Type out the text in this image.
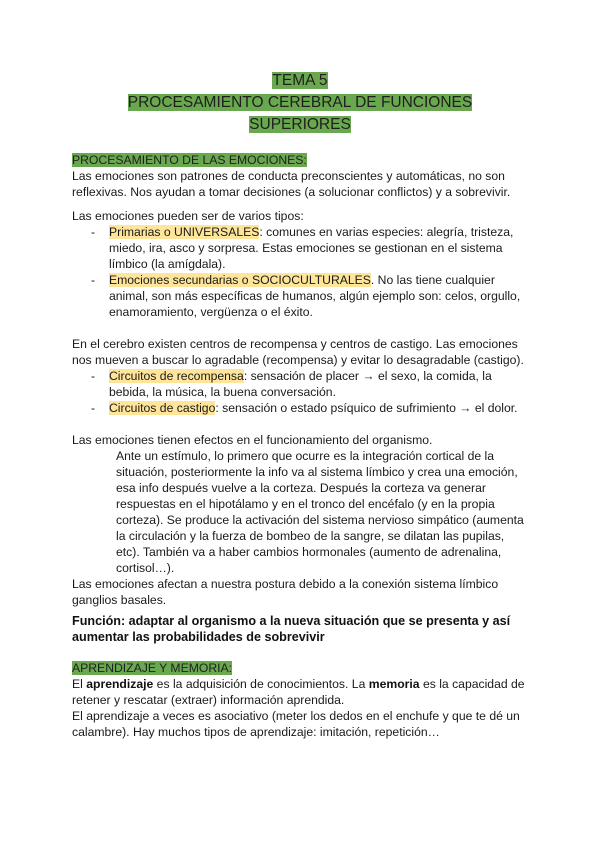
TEMA 5
PROCESAMIENTO CEREBRAL DE FUNCIONES
SUPERIORES
PROCESAMIENTO DE LAS EMOCIONES:
Las emociones son patrones de conducta preconscientes y automáticas, no son
reflexivas. Nos ayudan a tomar decisiones (a solucionar conflictos) y a sobrevivir.
Las emociones pueden ser de varios tipos:
- Primarias o UNIVERSALES: comunes en varias especies: alegría, tristeza,
miedo, ira, asco y sorpresa. Estas emociones se gestionan en el sistema
límbico (la amígdala).
- Emociones secundarias o SOCIOCULTURALES. No las tiene cualquier
animal, son más específicas de humanos, algún ejemplo son: celos, orgullo,
enamoramiento, vergüenza o el éxito.
En el cerebro existen centros de recompensa y centros de castigo. Las emociones
nos mueven a buscar lo agradable (recompensa) y evitar lo desagradable (castigo).
- Circuitos de recompensa: sensación de placer → el sexo, la comida, la
bebida, la música, la buena conversación.
- Circuitos de castigo: sensación o estado psíquico de sufrimiento → el dolor.
Las emociones tienen efectos en el funcionamiento del organismo.
Ante un estímulo, lo primero que ocurre es la integración cortical de la
situación, posteriormente la info va al sistema límbico y crea una emoción,
esa info después vuelve a la corteza. Después la corteza va generar
respuestas en el hipotálamo y en el tronco del encéfalo (y en la propia
corteza). Se produce la activación del sistema nervioso simpático (aumenta
la circulación y la fuerza de bombeo de la sangre, se dilatan las pupilas,
etc). También va a haber cambios hormonales (aumento de adrenalina,
cortisol…).
Las emociones afectan a nuestra postura debido a la conexión sistema límbico
ganglios basales.
Función: adaptar al organismo a la nueva situación que se presenta y así
aumentar las probabilidades de sobrevivir
APRENDIZAJE Y MEMORIA:
El aprendizaje es la adquisición de conocimientos. La memoria es la capacidad de
retener y rescatar (extraer) información aprendida.
El aprendizaje a veces es asociativo (meter los dedos en el enchufe y que te dé un
calambre). Hay muchos tipos de aprendizaje: imitación, repetición…
